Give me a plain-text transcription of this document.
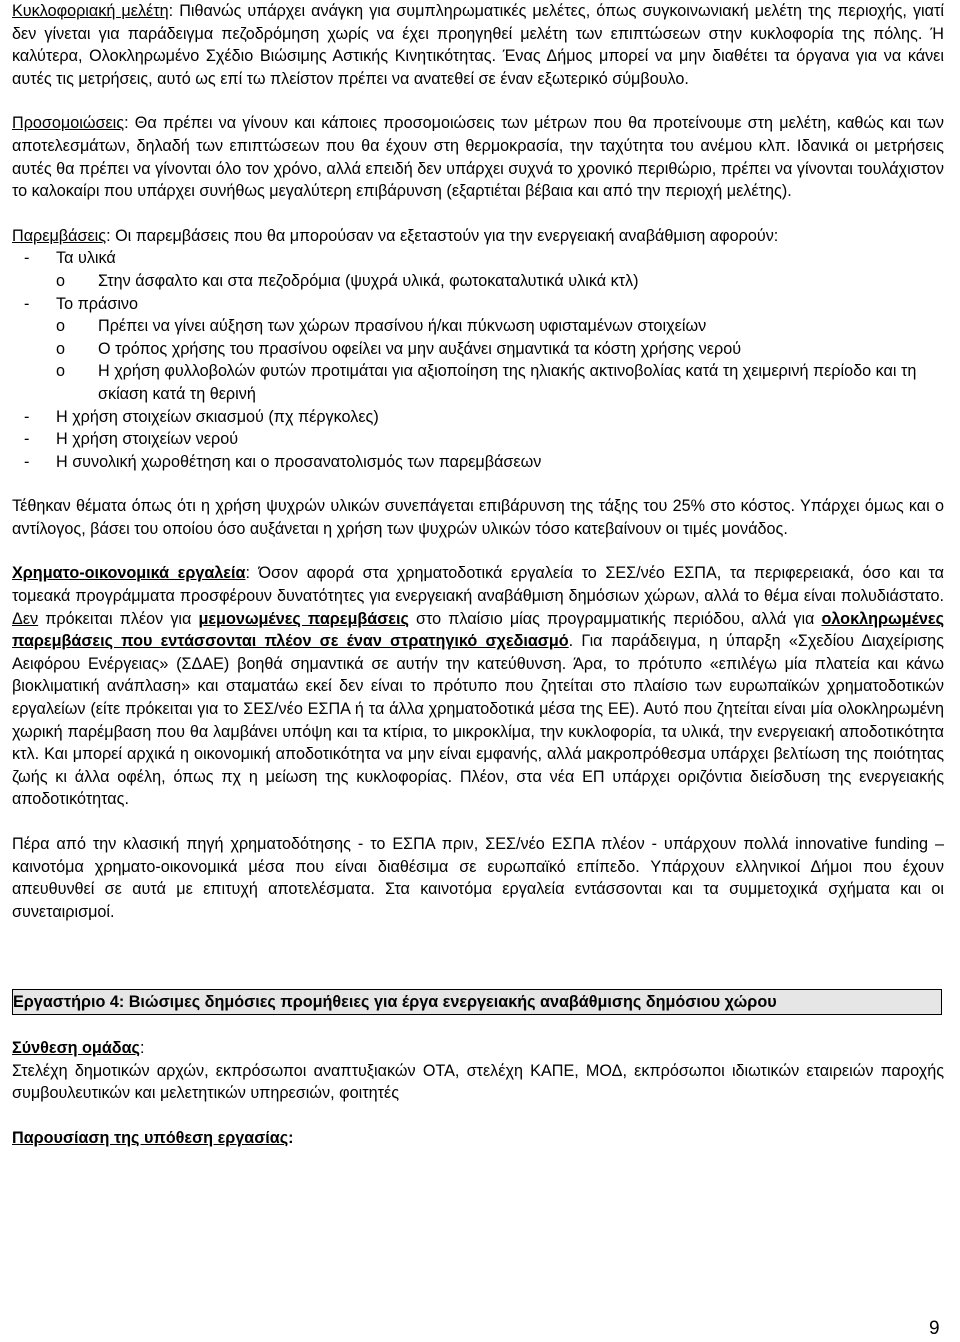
Κυκλοφοριακή μελέτη: Πιθανώς υπάρχει ανάγκη για συμπληρωματικές μελέτες, όπως συγκοινωνιακή μελέτη της περιοχής, γιατί δεν γίνεται για παράδειγμα πεζοδρόμηση χωρίς να έχει προηγηθεί μελέτη των επιπτώσεων στην κυκλοφορία της πόλης. Ή καλύτερα, Ολοκληρωμένο Σχέδιο Βιώσιμης Αστικής Κινητικότητας. Ένας Δήμος μπορεί να μην διαθέτει τα όργανα για να κάνει αυτές τις μετρήσεις, αυτό ως επί τω πλείστον πρέπει να ανατεθεί σε έναν εξωτερικό σύμβουλο.

Προσομοιώσεις: Θα πρέπει να γίνουν και κάποιες προσομοιώσεις των μέτρων που θα προτείνουμε στη μελέτη, καθώς και των αποτελεσμάτων, δηλαδή των επιπτώσεων που θα έχουν στη θερμοκρασία, την ταχύτητα του ανέμου κλπ. Ιδανικά οι μετρήσεις αυτές θα πρέπει να γίνονται όλο τον χρόνο, αλλά επειδή δεν υπάρχει συχνά το χρονικό περιθώριο, πρέπει να γίνονται τουλάχιστον το καλοκαίρι που υπάρχει συνήθως μεγαλύτερη επιβάρυνση (εξαρτιέται βέβαια και από την περιοχή μελέτης).

Παρεμβάσεις: Οι παρεμβάσεις που θα μπορούσαν να εξεταστούν για την ενεργειακή αναβάθμιση αφορούν:

- Τα υλικά
o Στην άσφαλτο και στα πεζοδρόμια (ψυχρά υλικά, φωτοκαταλυτικά υλικά κτλ)
- Το πράσινο
o Πρέπει να γίνει αύξηση των χώρων πρασίνου ή/και πύκνωση υφισταμένων στοιχείων
o Ο τρόπος χρήσης του πρασίνου οφείλει να μην αυξάνει σημαντικά τα κόστη χρήσης νερού
o Η χρήση φυλλοβολών φυτών προτιμάται για αξιοποίηση της ηλιακής ακτινοβολίας κατά τη χειμερινή περίοδο και τη σκίαση κατά τη θερινή
- Η χρήση στοιχείων σκιασμού (πχ πέργκολες)
- Η χρήση στοιχείων νερού
- Η συνολική χωροθέτηση και ο προσανατολισμός των παρεμβάσεων

Τέθηκαν θέματα όπως ότι η χρήση ψυχρών υλικών συνεπάγεται επιβάρυνση της τάξης του 25% στο κόστος. Υπάρχει όμως και ο αντίλογος, βάσει του οποίου όσο αυξάνεται η χρήση των ψυχρών υλικών τόσο κατεβαίνουν οι τιμές μονάδος.

Χρηματο-οικονομικά εργαλεία: Όσον αφορά στα χρηματοδοτικά εργαλεία το ΣΕΣ/νέο ΕΣΠΑ, τα περιφερειακά, όσο και τα τομεακά προγράμματα προσφέρουν δυνατότητες για ενεργειακή αναβάθμιση δημόσιων χώρων, αλλά το θέμα είναι πολυδιάστατο. Δεν πρόκειται πλέον για μεμονωμένες παρεμβάσεις στο πλαίσιο μίας προγραμματικής περιόδου, αλλά για ολοκληρωμένες παρεμβάσεις που εντάσσονται πλέον σε έναν στρατηγικό σχεδιασμό. Για παράδειγμα, η ύπαρξη «Σχεδίου Διαχείρισης Αειφόρου Ενέργειας» (ΣΔΑΕ) βοηθά σημαντικά σε αυτήν την κατεύθυνση. Άρα, το πρότυπο «επιλέγω μία πλατεία και κάνω βιοκλιματική ανάπλαση» και σταματάω εκεί δεν είναι το πρότυπο που ζητείται στο πλαίσιο των ευρωπαϊκών χρηματοδοτικών εργαλείων (είτε πρόκειται για το ΣΕΣ/νέο ΕΣΠΑ ή τα άλλα χρηματοδοτικά μέσα της ΕΕ). Αυτό που ζητείται είναι μία ολοκληρωμένη χωρική παρέμβαση που θα λαμβάνει υπόψη και τα κτίρια, το μικροκλίμα, την κυκλοφορία, τα υλικά, την ενεργειακή αποδοτικότητα κτλ. Και μπορεί αρχικά η οικονομική αποδοτικότητα να μην είναι εμφανής, αλλά μακροπρόθεσμα υπάρχει βελτίωση της ποιότητας ζωής κι άλλα οφέλη, όπως πχ η μείωση της κυκλοφορίας. Πλέον, στα νέα ΕΠ υπάρχει οριζόντια διείσδυση της ενεργειακής αποδοτικότητας.

Πέρα από την κλασική πηγή χρηματοδότησης - το ΕΣΠΑ πριν, ΣΕΣ/νέο ΕΣΠΑ πλέον - υπάρχουν πολλά innovative funding – καινοτόμα χρηματο-οικονομικά μέσα που είναι διαθέσιμα σε ευρωπαϊκό επίπεδο. Υπάρχουν ελληνικοί Δήμοι που έχουν απευθυνθεί σε αυτά με επιτυχή αποτελέσματα. Στα καινοτόμα εργαλεία εντάσσονται και τα συμμετοχικά σχήματα και οι συνεταιρισμοί.

Εργαστήριο 4: Βιώσιμες δημόσιες προμήθειες για έργα ενεργειακής αναβάθμισης δημόσιου χώρου

Σύνθεση ομάδας:

Στελέχη δημοτικών αρχών, εκπρόσωποι αναπτυξιακών ΟΤΑ, στελέχη ΚΑΠΕ, ΜΟΔ, εκπρόσωποι ιδιωτικών εταιρειών παροχής συμβουλευτικών και μελετητικών υπηρεσιών, φοιτητές

Παρουσίαση της υπόθεση εργασίας:

9
